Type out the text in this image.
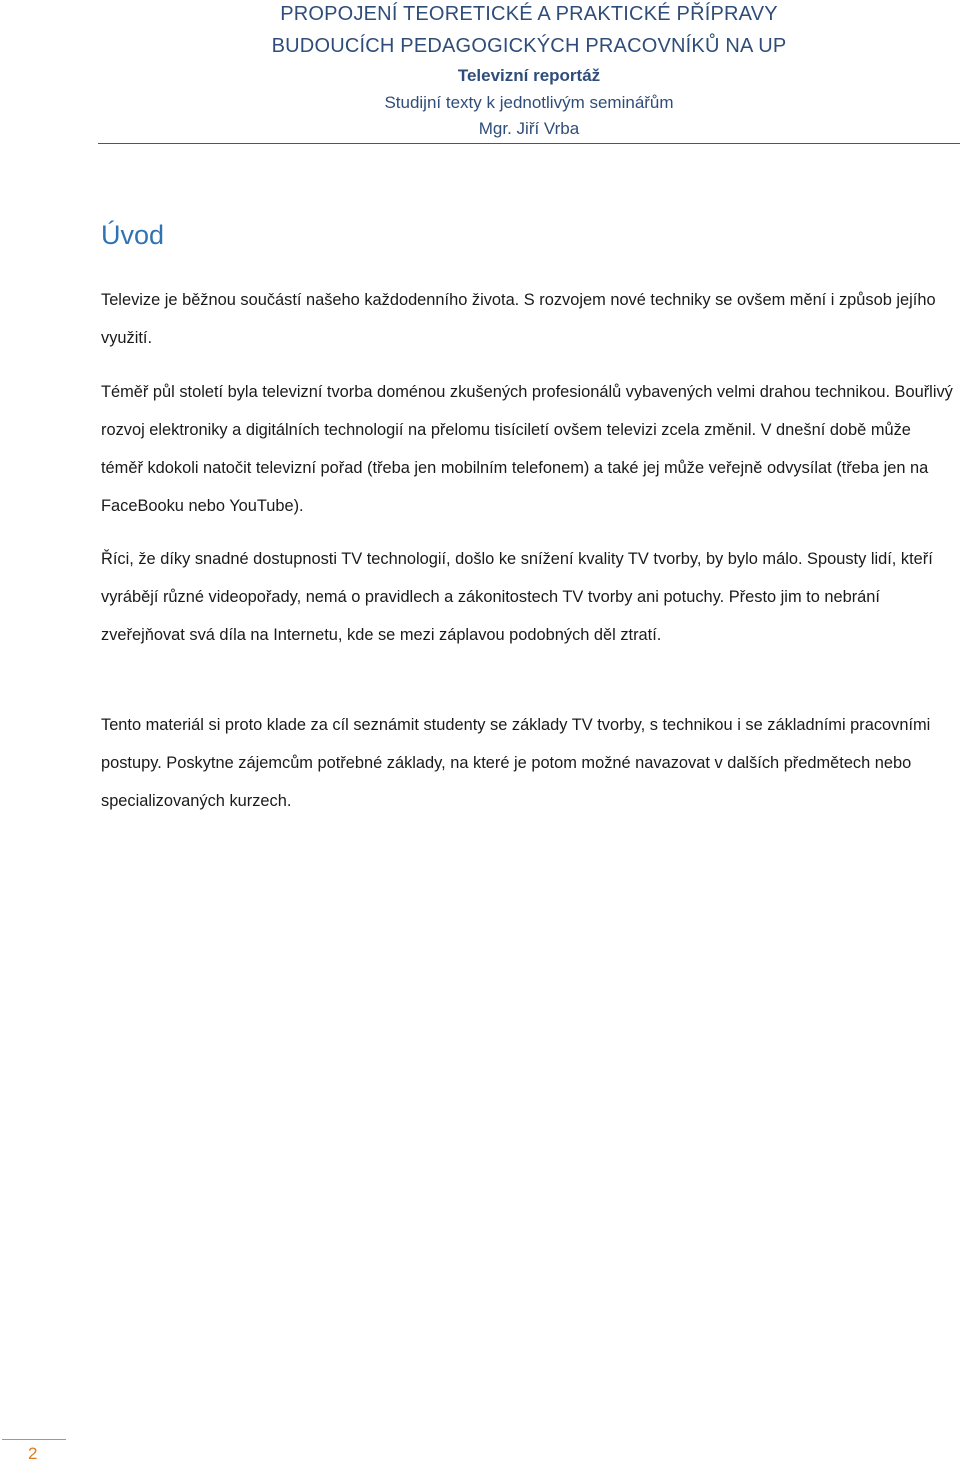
PROPOJENÍ TEORETICKÉ A PRAKTICKÉ PŘÍPRAVY
BUDOUCÍCH PEDAGOGICKÝCH PRACOVNÍKŮ NA UP
Televizní reportáž
Studijní texty k jednotlivým seminářům
Mgr. Jiří Vrba
Úvod

Televize je běžnou součástí našeho každodenního života. S rozvojem nové techniky se ovšem mění i způsob jejího využití.

Téměř půl století byla televizní tvorba doménou zkušených profesionálů vybavených velmi drahou technikou. Bouřlivý rozvoj elektroniky a digitálních technologií na přelomu tisíciletí ovšem televizi zcela změnil. V dnešní době může téměř kdokoli natočit televizní pořad (třeba jen mobilním telefonem) a také jej může veřejně odvysílat (třeba jen na FaceBooku nebo YouTube).

Říci, že díky snadné dostupnosti TV technologií, došlo ke snížení kvality TV tvorby, by bylo málo. Spousty lidí, kteří vyrábějí různé videopořady, nemá o pravidlech a zákonitostech TV tvorby ani potuchy. Přesto jim to nebrání zveřejňovat svá díla na Internetu, kde se mezi záplavou podobných děl ztratí.

Tento materiál si proto klade za cíl seznámit studenty se základy TV tvorby, s technikou i se základními pracovními postupy. Poskytne zájemcům potřebné základy, na které je potom možné navazovat v dalších předmětech nebo specializovaných kurzech.

2
